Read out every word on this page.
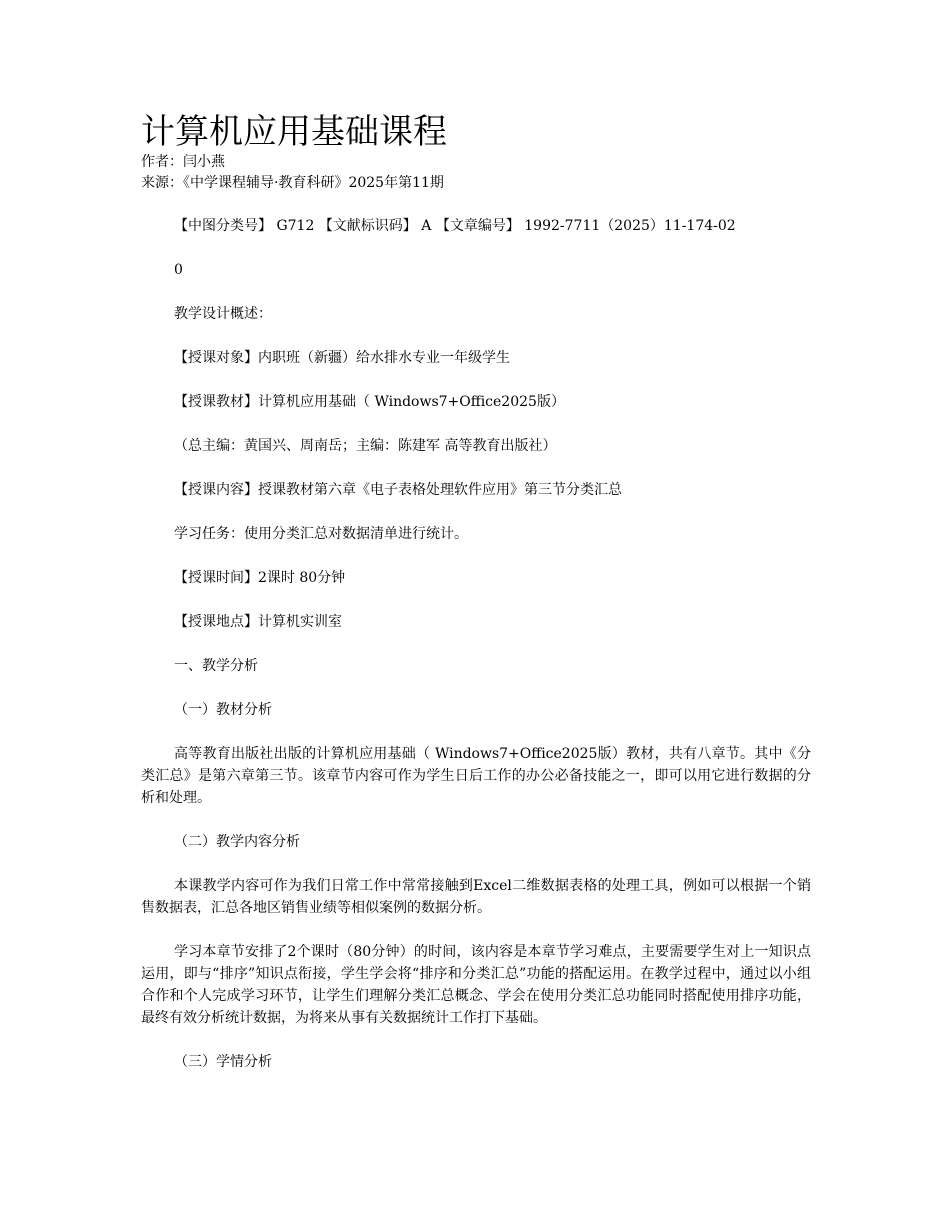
计算机应用基础课程

作者：闫小燕

来源：《中学课程辅导·教育科研》2025年第11期

【中图分类号】 G712 【文献标识码】 A 【文章编号】 1992-7711（2025）11-174-02

0

教学设计概述：

【授课对象】内职班（新疆）给水排水专业一年级学生

【授课教材】计算机应用基础（ Windows7+Office2025版）

（总主编：黄国兴、周南岳；主编：陈建军 高等教育出版社）

【授课内容】授课教材第六章《电子表格处理软件应用》第三节分类汇总

学习任务：使用分类汇总对数据清单进行统计。

【授课时间】2课时 80分钟

【授课地点】计算机实训室

一、教学分析

（一）教材分析

高等教育出版社出版的计算机应用基础（ Windows7+Office2025版）教材，共有八章节。其中《分类汇总》是第六章第三节。该章节内容可作为学生日后工作的办公必备技能之一，即可以用它进行数据的分析和处理。

（二）教学内容分析

本课教学内容可作为我们日常工作中常常接触到Excel二维数据表格的处理工具，例如可以根据一个销售数据表，汇总各地区销售业绩等相似案例的数据分析。

学习本章节安排了2个课时（80分钟）的时间，该内容是本章节学习难点，主要需要学生对上一知识点运用，即与“排序”知识点衔接，学生学会将“排序和分类汇总”功能的搭配运用。在教学过程中，通过以小组合作和个人完成学习环节，让学生们理解分类汇总概念、学会在使用分类汇总功能同时搭配使用排序功能，最终有效分析统计数据，为将来从事有关数据统计工作打下基础。

（三）学情分析
